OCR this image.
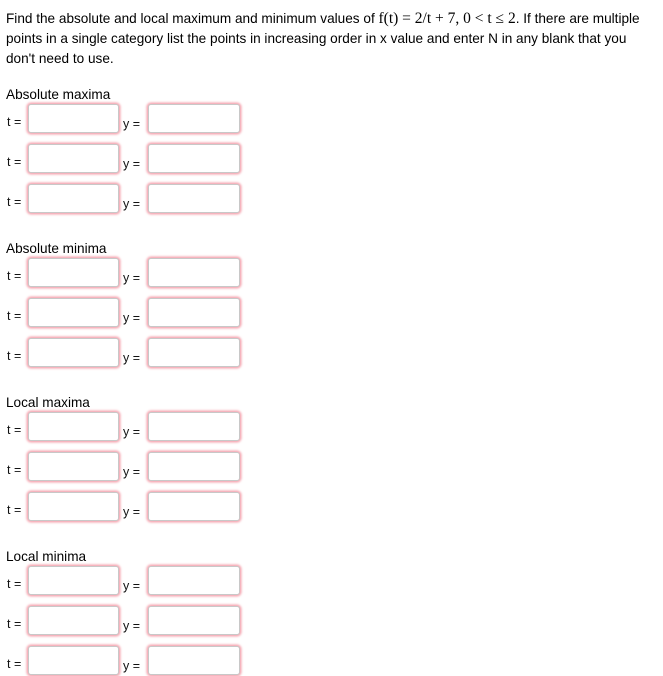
Find the absolute and local maximum and minimum values of f(t) = 2/t + 7, 0 < t ≤ 2. If there are multiple points in a single category list the points in increasing order in x value and enter N in any blank that you don't need to use.
Absolute maxima
t =	y =
t =	y =
t =	y =
Absolute minima
t =	y =
t =	y =
t =	y =
Local maxima
t =	y =
t =	y =
t =	y =
Local minima
t =	y =
t =	y =
t =	y =
